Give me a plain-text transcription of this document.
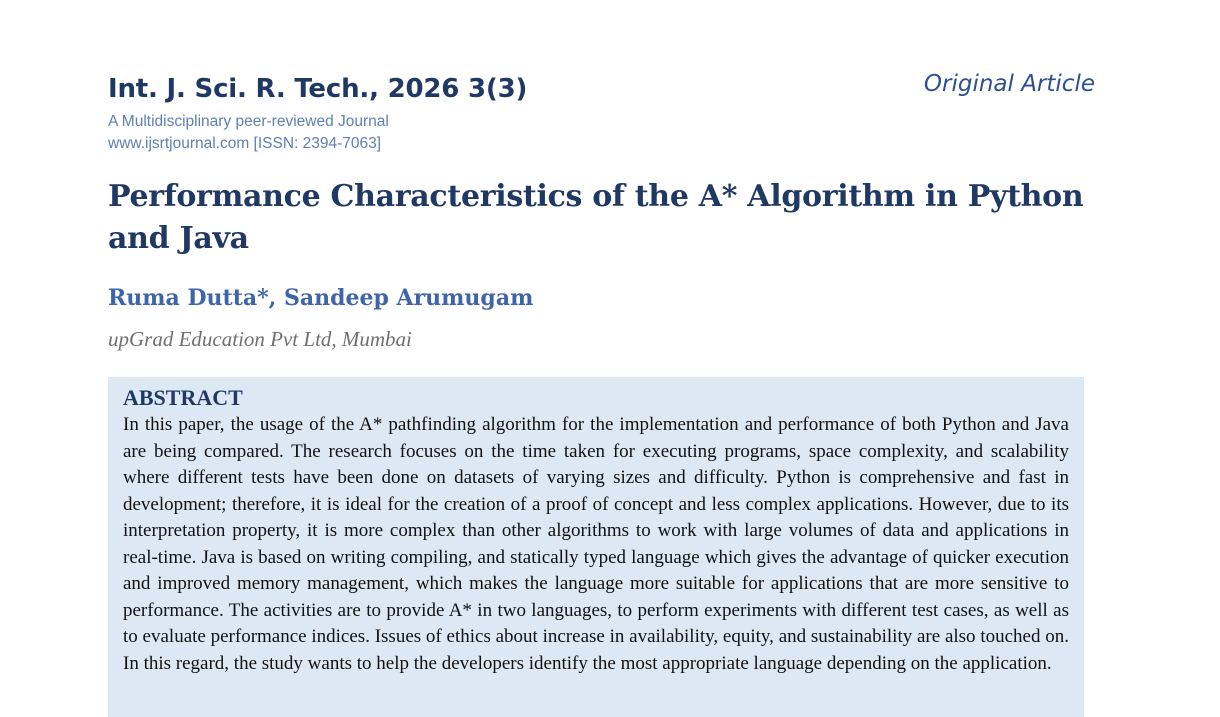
Int. J. Sci. R. Tech., 2026 3(3)
A Multidisciplinary peer-reviewed Journal
www.ijsrtjournal.com [ISSN: 2394-7063]
Original Article
Performance Characteristics of the A* Algorithm in Python and Java
Ruma Dutta*, Sandeep Arumugam
upGrad Education Pvt Ltd, Mumbai
ABSTRACT

In this paper, the usage of the A* pathfinding algorithm for the implementation and performance of both Python and Java are being compared. The research focuses on the time taken for executing programs, space complexity, and scalability where different tests have been done on datasets of varying sizes and difficulty. Python is comprehensive and fast in development; therefore, it is ideal for the creation of a proof of concept and less complex applications. However, due to its interpretation property, it is more complex than other algorithms to work with large volumes of data and applications in real-time. Java is based on writing compiling, and statically typed language which gives the advantage of quicker execution and improved memory management, which makes the language more suitable for applications that are more sensitive to performance. The activities are to provide A* in two languages, to perform experiments with different test cases, as well as to evaluate performance indices. Issues of ethics about increase in availability, equity, and sustainability are also touched on. In this regard, the study wants to help the developers identify the most appropriate language depending on the application.
